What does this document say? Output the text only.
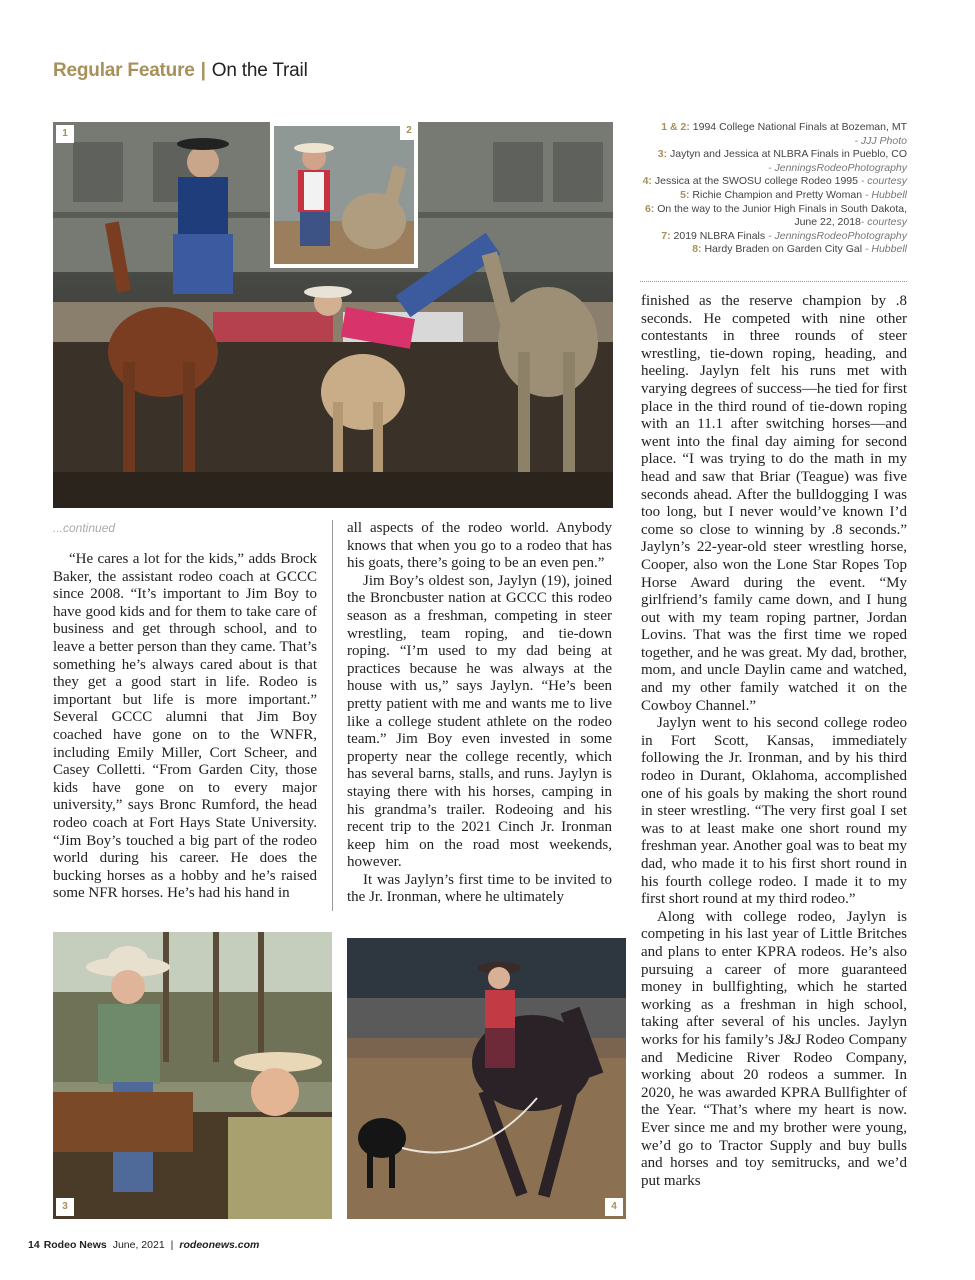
Regular Feature | On the Trail
1	2	1 & 2: 1994 College National Finals at Bozeman, MT
- JJJ Photo
3: Jaytyn and Jessica at NLBRA Finals in Pueblo, CO
- JenningsRodeoPhotography
4: Jessica at the SWOSU college Rodeo 1995 - courtesy
5: Richie Champion and Pretty Woman - Hubbell
6: On the way to the Junior High Finals in South Dakota, June 22, 2018- courtesy
7: 2019 NLBRA Finals - JenningsRodeoPhotography
8: Hardy Braden on Garden City Gal - Hubbell
...continued

“He cares a lot for the kids,” adds Brock Baker, the assistant rodeo coach at GCCC since 2008. “It’s important to Jim Boy to have good kids and for them to take care of business and get through school, and to leave a better person than they came. That’s something he’s always cared about is that they get a good start in life. Rodeo is important but life is more important.” Several GCCC alumni that Jim Boy coached have gone on to the WNFR, including Emily Miller, Cort Scheer, and Casey Colletti. “From Garden City, those kids have gone on to every major university,” says Bronc Rumford, the head rodeo coach at Fort Hays State University. “Jim Boy’s touched a big part of the rodeo world during his career. He does the bucking horses as a hobby and he’s raised some NFR horses. He’s had his hand in

all aspects of the rodeo world. Anybody knows that when you go to a rodeo that has his goats, there’s going to be an even pen.”

Jim Boy’s oldest son, Jaylyn (19), joined the Broncbuster nation at GCCC this rodeo season as a freshman, competing in steer wrestling, team roping, and tie-down roping. “I’m used to my dad being at practices because he was always at the house with us,” says Jaylyn. “He’s been pretty patient with me and wants me to live like a college student athlete on the rodeo team.” Jim Boy even invested in some property near the college recently, which has several barns, stalls, and runs. Jaylyn is staying there with his horses, camping in his grandma’s trailer. Rodeoing and his recent trip to the 2021 Cinch Jr. Ironman keep him on the road most weekends, however.

It was Jaylyn’s first time to be invited to the Jr. Ironman, where he ultimately

finished as the reserve champion by .8 seconds. He competed with nine other contestants in three rounds of steer wrestling, tie-down roping, heading, and heeling. Jaylyn felt his runs met with varying degrees of success—he tied for first place in the third round of tie-down roping with an 11.1 after switching horses—and went into the final day aiming for second place. “I was trying to do the math in my head and saw that Briar (Teague) was five seconds ahead. After the bulldogging I was too long, but I never would’ve known I’d come so close to winning by .8 seconds.” Jaylyn’s 22-year-old steer wrestling horse, Cooper, also won the Lone Star Ropes Top Horse Award during the event. “My girlfriend’s family came down, and I hung out with my team roping partner, Jordan Lovins. That was the first time we roped together, and he was great. My dad, brother, mom, and uncle Daylin came and watched, and my other family watched it on the Cowboy Channel.”

Jaylyn went to his second college rodeo in Fort Scott, Kansas, immediately following the Jr. Ironman, and by his third rodeo in Durant, Oklahoma, accomplished one of his goals by making the short round in steer wrestling. “The very first goal I set was to at least make one short round my freshman year. Another goal was to beat my dad, who made it to his first short round in his fourth college rodeo. I made it to my first short round at my third rodeo.”

Along with college rodeo, Jaylyn is competing in his last year of Little Britches and plans to enter KPRA rodeos. He’s also pursuing a career of more guaranteed money in bullfighting, which he started working as a freshman in high school, taking after several of his uncles. Jaylyn works for his family’s J&J Rodeo Company and Medicine River Rodeo Company, working about 20 rodeos a summer. In 2020, he was awarded KPRA Bullfighter of the Year. “That’s where my heart is now. Ever since me and my brother were young, we’d go to Tractor Supply and buy bulls and horses and toy semitrucks, and we’d put marks

3	4
14 Rodeo News June, 2021 | rodeonews.com
